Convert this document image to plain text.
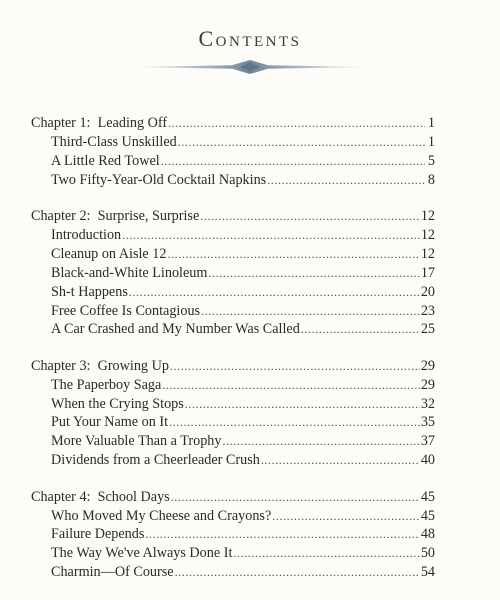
Contents
Chapter 1:  Leading Off .....	1
Third-Class Unskilled .....	1
A Little Red Towel .....	5
Two Fifty-Year-Old Cocktail Napkins .....	8
Chapter 2:  Surprise, Surprise .....	12
Introduction .....	12
Cleanup on Aisle 12 .....	12
Black-and-White Linoleum .....	17
Sh-t Happens .....	20
Free Coffee Is Contagious .....	23
A Car Crashed and My Number Was Called .....	25
Chapter 3:  Growing Up .....	29
The Paperboy Saga .....	29
When the Crying Stops .....	32
Put Your Name on It .....	35
More Valuable Than a Trophy .....	37
Dividends from a Cheerleader Crush .....	40
Chapter 4:  School Days .....	45
Who Moved My Cheese and Crayons? .....	45
Failure Depends .....	48
The Way We've Always Done It .....	50
Charmin—Of Course .....	54
